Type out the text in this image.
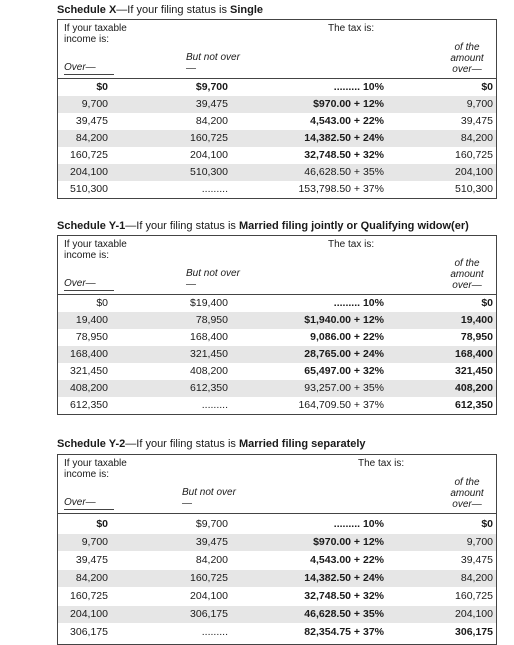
Schedule X—If your filing status is Single
If your taxable income is:
Over—
But not over—
The tax is:
of the amount over—
$0	$9,700	......... 10%	$0
9,700	39,475	$970.00 + 12%	9,700
39,475	84,200	4,543.00 + 22%	39,475
84,200	160,725	14,382.50 + 24%	84,200
160,725	204,100	32,748.50 + 32%	160,725
204,100	510,300	46,628.50 + 35%	204,100
510,300	.........	153,798.50 + 37%	510,300
Schedule Y-1—If your filing status is Married filing jointly or Qualifying widow(er)
If your taxable income is:
Over—
But not over—
The tax is:
of the amount over—
$0	$19,400	......... 10%	$0
19,400	78,950	$1,940.00 + 12%	19,400
78,950	168,400	9,086.00 + 22%	78,950
168,400	321,450	28,765.00 + 24%	168,400
321,450	408,200	65,497.00 + 32%	321,450
408,200	612,350	93,257.00 + 35%	408,200
612,350	.........	164,709.50 + 37%	612,350
Schedule Y-2—If your filing status is Married filing separately
If your taxable income is:
Over—
But not over—
The tax is:
of the amount over—
$0	$9,700	......... 10%	$0
9,700	39,475	$970.00 + 12%	9,700
39,475	84,200	4,543.00 + 22%	39,475
84,200	160,725	14,382.50 + 24%	84,200
160,725	204,100	32,748.50 + 32%	160,725
204,100	306,175	46,628.50 + 35%	204,100
306,175	.........	82,354.75 + 37%	306,175
